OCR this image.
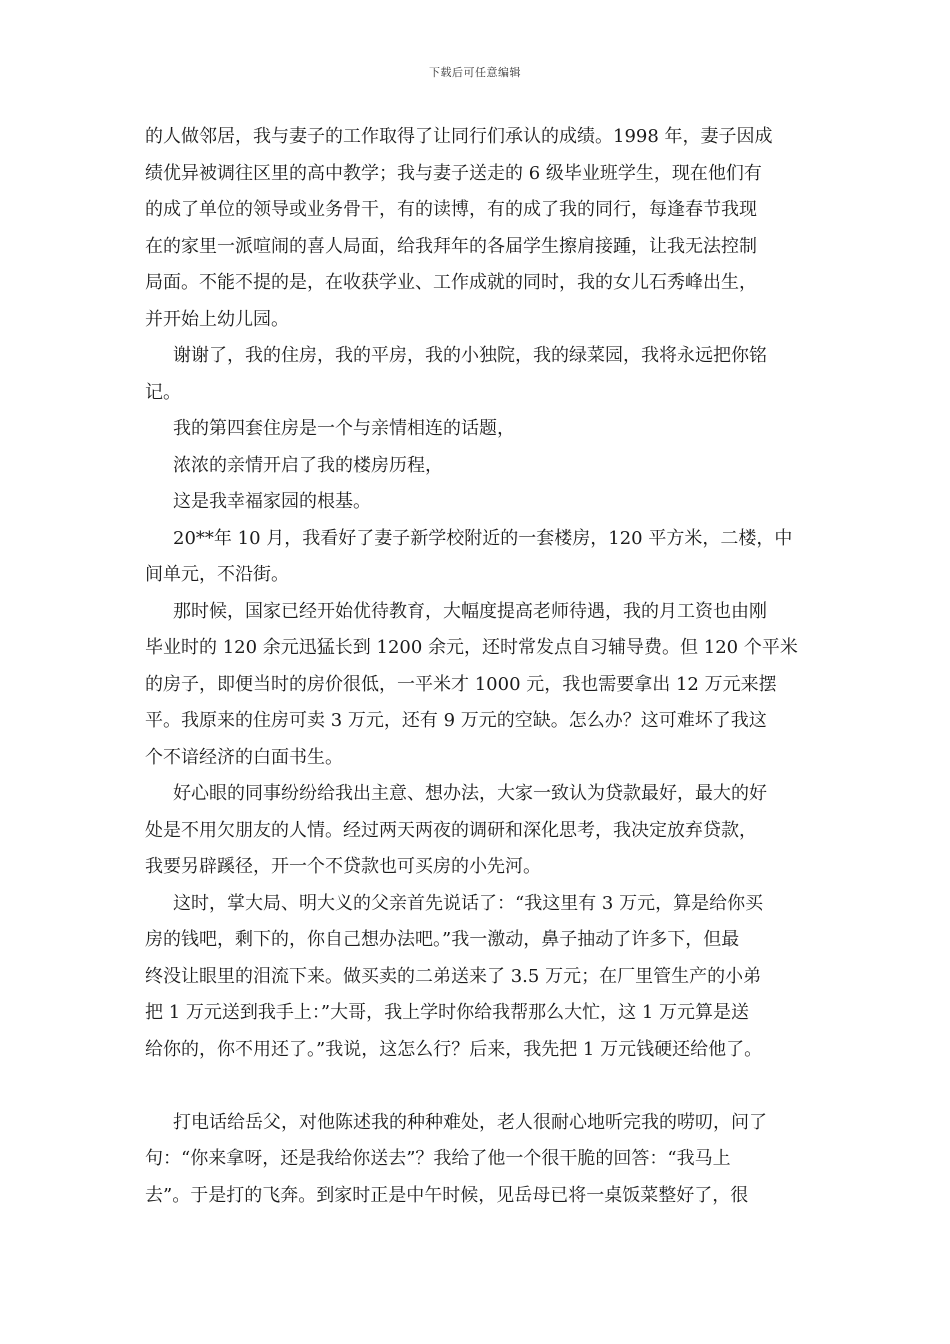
下载后可任意编辑
的人做邻居，我与妻子的工作取得了让同行们承认的成绩。1998 年，妻子因成
绩优异被调往区里的高中教学；我与妻子送走的 6 级毕业班学生，现在他们有
的成了单位的领导或业务骨干，有的读博，有的成了我的同行，每逢春节我现
在的家里一派喧闹的喜人局面，给我拜年的各届学生擦肩接踵，让我无法控制
局面。不能不提的是，在收获学业、工作成就的同时，我的女儿石秀峰出生，
并开始上幼儿园。
谢谢了，我的住房，我的平房，我的小独院，我的绿菜园，我将永远把你铭
记。
我的第四套住房是一个与亲情相连的话题，
浓浓的亲情开启了我的楼房历程，
这是我幸福家园的根基。
20**年 10 月，我看好了妻子新学校附近的一套楼房，120 平方米，二楼，中
间单元，不沿街。
那时候，国家已经开始优待教育，大幅度提高老师待遇，我的月工资也由刚
毕业时的 120 余元迅猛长到 1200 余元，还时常发点自习辅导费。但 120 个平米
的房子，即便当时的房价很低，一平米才 1000 元，我也需要拿出 12 万元来摆
平。我原来的住房可卖 3 万元，还有 9 万元的空缺。怎么办？这可难坏了我这
个不谙经济的白面书生。
好心眼的同事纷纷给我出主意、想办法，大家一致认为贷款最好，最大的好
处是不用欠朋友的人情。经过两天两夜的调研和深化思考，我决定放弃贷款，
我要另辟蹊径，开一个不贷款也可买房的小先河。
这时，掌大局、明大义的父亲首先说话了：“我这里有 3 万元，算是给你买
房的钱吧，剩下的，你自己想办法吧。”我一激动，鼻子抽动了许多下，但最
终没让眼里的泪流下来。做买卖的二弟送来了 3.5 万元；在厂里管生产的小弟
把 1 万元送到我手上：”大哥，我上学时你给我帮那么大忙，这 1 万元算是送
给你的，你不用还了。”我说，这怎么行？后来，我先把 1 万元钱硬还给他了。
打电话给岳父，对他陈述我的种种难处，老人很耐心地听完我的唠叨，问了
句：“你来拿呀，还是我给你送去”？我给了他一个很干脆的回答：“我马上
去”。于是打的飞奔。到家时正是中午时候，见岳母已将一桌饭菜整好了，很
